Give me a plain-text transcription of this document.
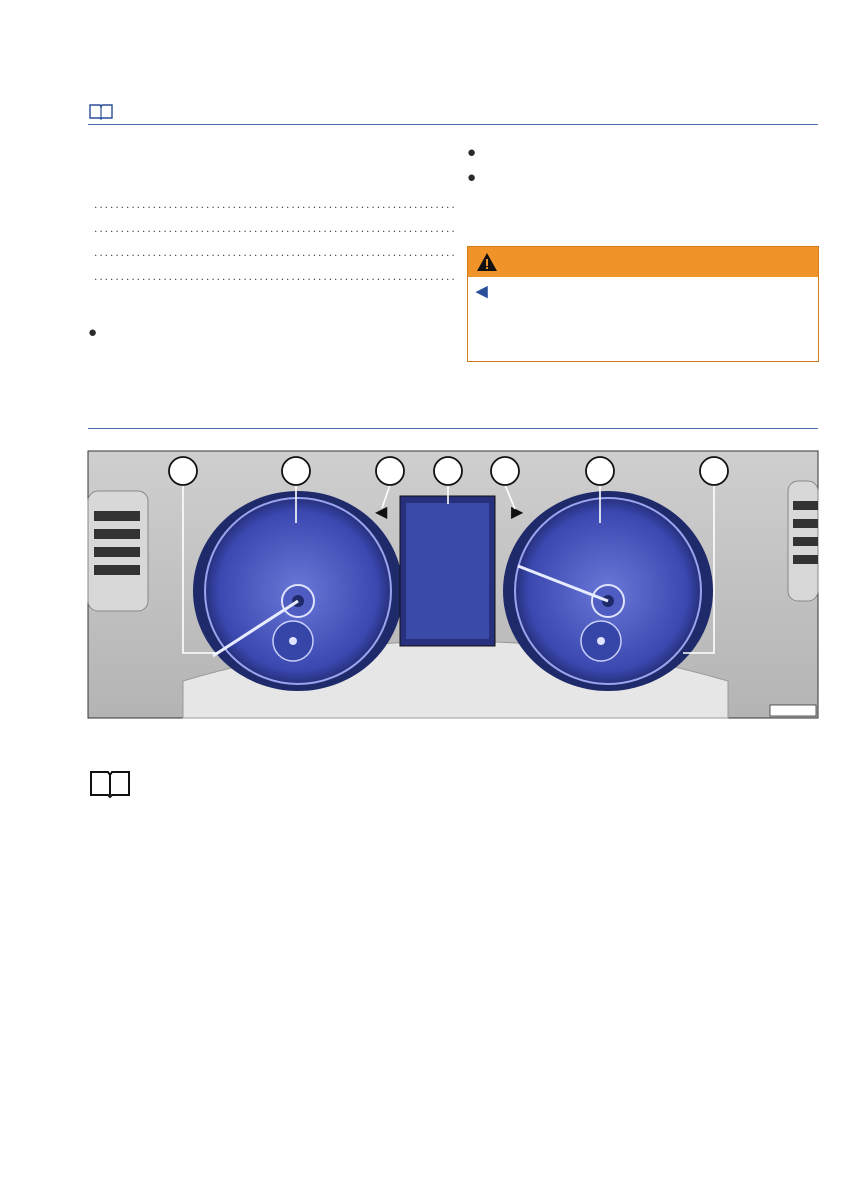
....................................................................
....................................................................
....................................................................
....................................................................
●
●
●
◀
◀	▶
